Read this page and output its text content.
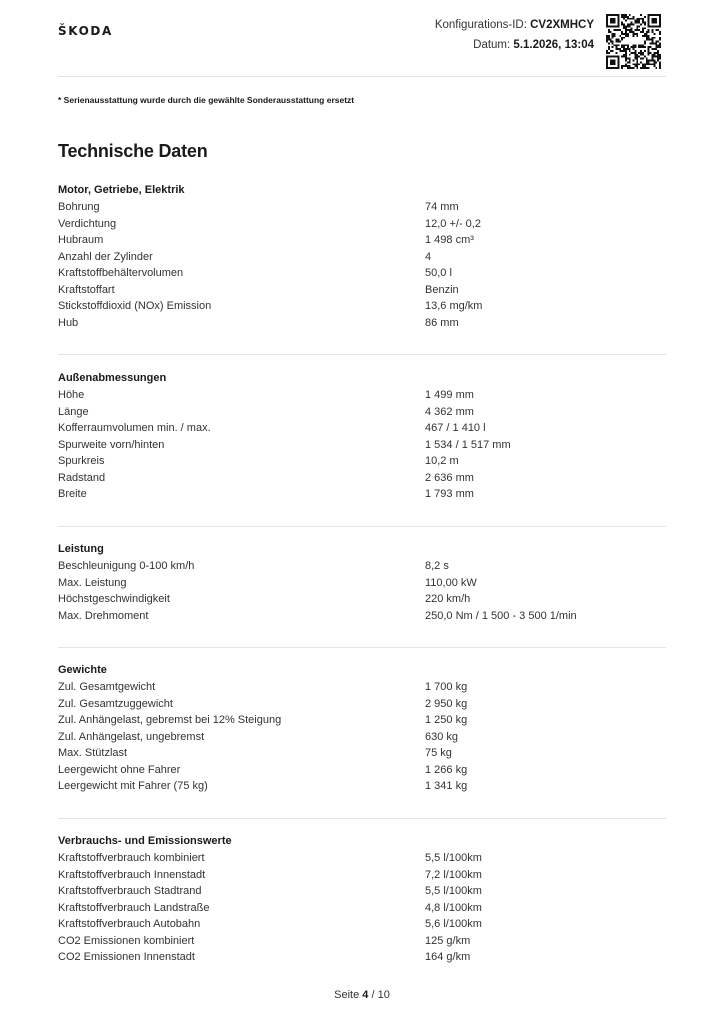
ŠKODA	Konfigurations-ID: CV2XMHCY
Datum: 5.1.2026, 13:04
* Serienausstattung wurde durch die gewählte Sonderausstattung ersetzt
Technische Daten
Motor, Getriebe, Elektrik
Bohrung	74 mm
Verdichtung	12,0 +/- 0,2
Hubraum	1 498 cm³
Anzahl der Zylinder	4
Kraftstoffbehältervolumen	50,0 l
Kraftstoffart	Benzin
Stickstoffdioxid (NOx) Emission	13,6 mg/km
Hub	86 mm
Außenabmessungen
Höhe	1 499 mm
Länge	4 362 mm
Kofferraumvolumen min. / max.	467 / 1 410 l
Spurweite vorn/hinten	1 534 / 1 517 mm
Spurkreis	10,2 m
Radstand	2 636 mm
Breite	1 793 mm
Leistung
Beschleunigung 0-100 km/h	8,2 s
Max. Leistung	110,00 kW
Höchstgeschwindigkeit	220 km/h
Max. Drehmoment	250,0 Nm / 1 500 - 3 500 1/min
Gewichte
Zul. Gesamtgewicht	1 700 kg
Zul. Gesamtzuggewicht	2 950 kg
Zul. Anhängelast, gebremst bei 12% Steigung	1 250 kg
Zul. Anhängelast, ungebremst	630 kg
Max. Stützlast	75 kg
Leergewicht ohne Fahrer	1 266 kg
Leergewicht mit Fahrer (75 kg)	1 341 kg
Verbrauchs- und Emissionswerte
Kraftstoffverbrauch kombiniert	5,5 l/100km
Kraftstoffverbrauch Innenstadt	7,2 l/100km
Kraftstoffverbrauch Stadtrand	5,5 l/100km
Kraftstoffverbrauch Landstraße	4,8 l/100km
Kraftstoffverbrauch Autobahn	5,6 l/100km
CO2 Emissionen kombiniert	125 g/km
CO2 Emissionen Innenstadt	164 g/km
Seite 4 / 10
